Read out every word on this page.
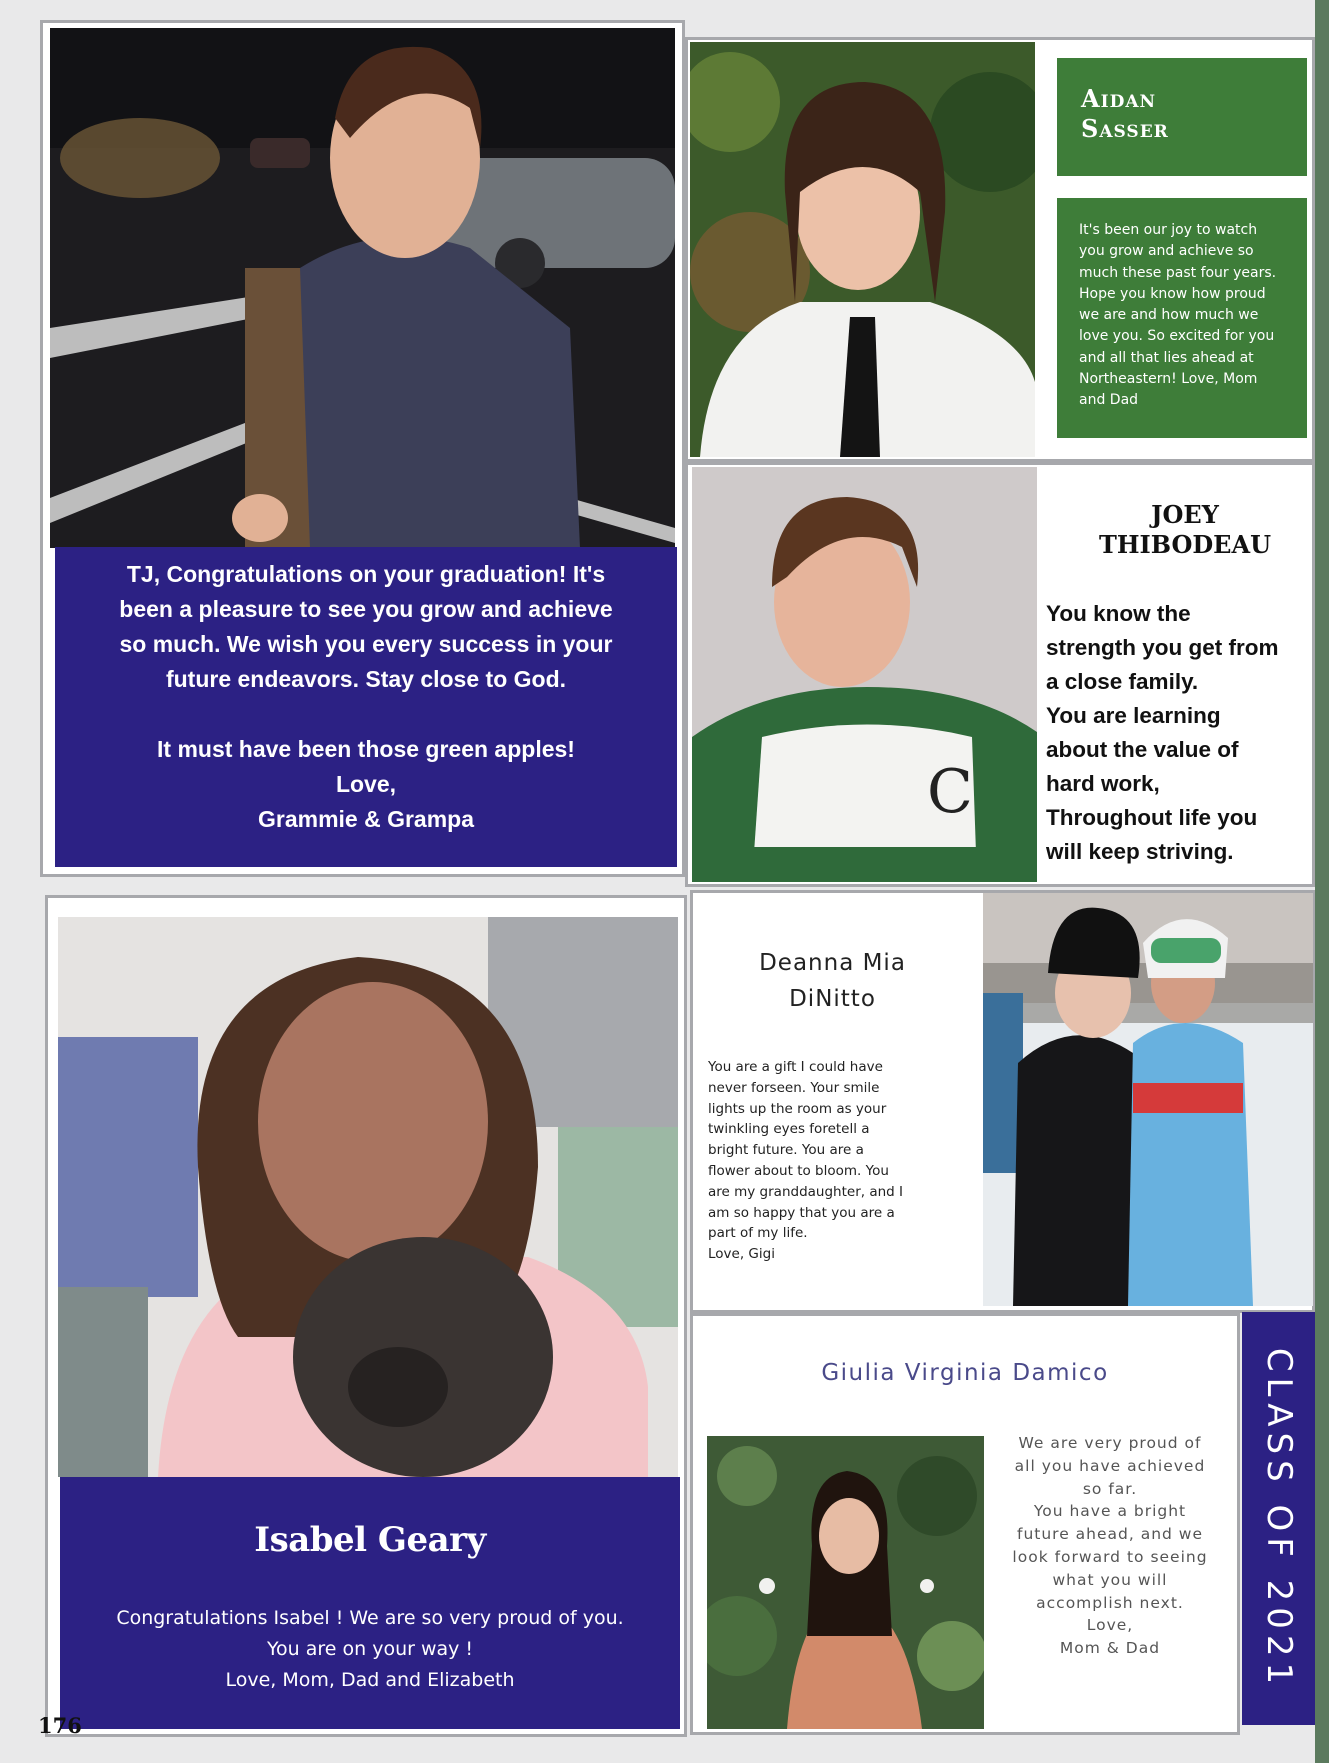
TJ, Congratulations on your graduation! It's

been a pleasure to see you grow and achieve

so much. We wish you every success in your

future endeavors. Stay close to God.

It must have been those green apples!

Love,

Grammie & Grampa

Aidan
Sasser
It's been our joy to watch
you grow and achieve so
much these past four years.
Hope you know how proud
we are and how much we
love you. So excited for you
and all that lies ahead at
Northeastern! Love, Mom
and Dad
C
JOEY
THIBODEAU
You know the
strength you get from
a close family.
You are learning
about the value of
hard work,
Throughout life you
will keep striving.
Isabel Geary
Congratulations Isabel ! We are so very proud of you.
You are on your way !
Love, Mom, Dad and Elizabeth
Deanna Mia
DiNitto
You are a gift I could have
never forseen. Your smile
lights up the room as your
twinkling eyes foretell a
bright future. You are a
flower about to bloom. You
are my granddaughter, and I
am so happy that you are a
part of my life.
Love, Gigi
Giulia Virginia Damico
We are very proud of
all you have achieved
so far.
You have a bright
future ahead, and we
look forward to seeing
what you will
accomplish next.
Love,
Mom & Dad	CLASS OF 2021
176
